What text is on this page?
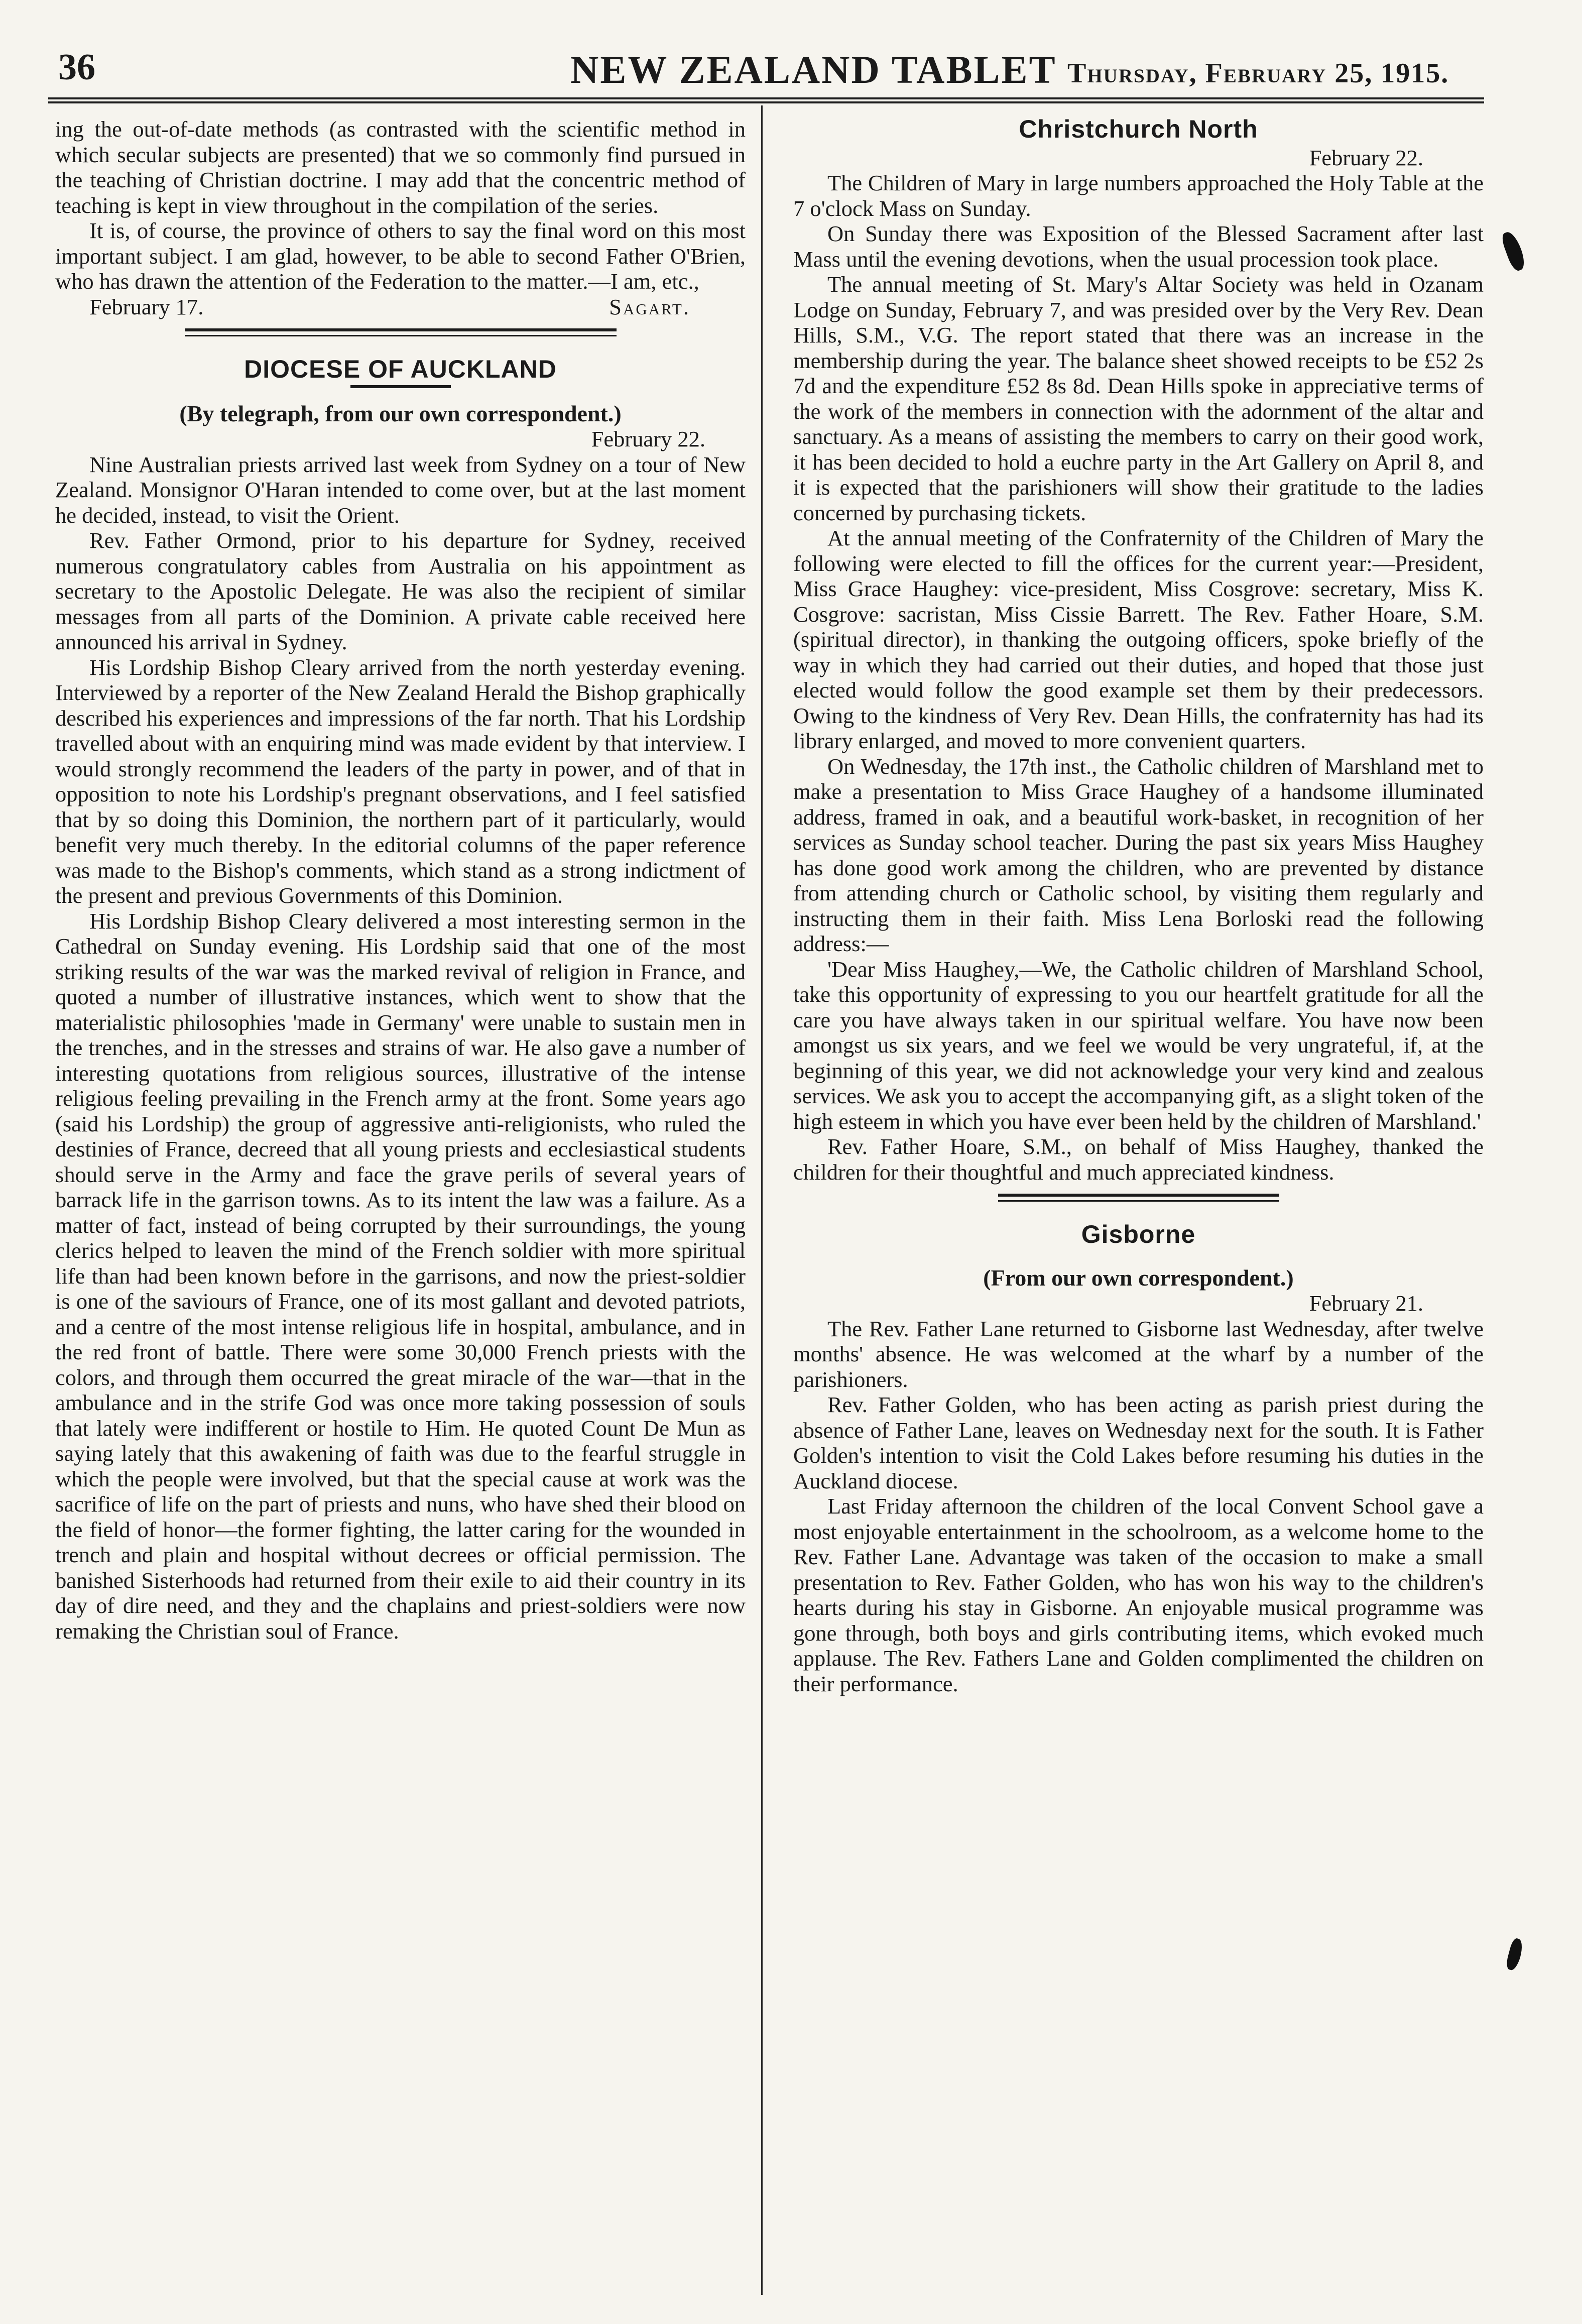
36	NEW ZEALAND TABLET Thursday, February 25, 1915.

ing the out-of-date methods (as contrasted with the scientific method in which secular subjects are presented) that we so commonly find pursued in the teaching of Christian doctrine. I may add that the concentric method of teaching is kept in view throughout in the compilation of the series.

It is, of course, the province of others to say the final word on this most important subject. I am glad, however, to be able to second Father O'Brien, who has drawn the attention of the Federation to the matter.—I am, etc.,

February 17.	Sagart.
DIOCESE OF AUCKLAND

(By telegraph, from our own correspondent.)

February 22.

Nine Australian priests arrived last week from Sydney on a tour of New Zealand. Monsignor O'Haran intended to come over, but at the last moment he decided, instead, to visit the Orient.

Rev. Father Ormond, prior to his departure for Sydney, received numerous congratulatory cables from Australia on his appointment as secretary to the Apostolic Delegate. He was also the recipient of similar messages from all parts of the Dominion. A private cable received here announced his arrival in Sydney.

His Lordship Bishop Cleary arrived from the north yesterday evening. Interviewed by a reporter of the New Zealand Herald the Bishop graphically described his experiences and impressions of the far north. That his Lordship travelled about with an enquiring mind was made evident by that interview. I would strongly recommend the leaders of the party in power, and of that in opposition to note his Lordship's pregnant observations, and I feel satisfied that by so doing this Dominion, the northern part of it particularly, would benefit very much thereby. In the editorial columns of the paper reference was made to the Bishop's comments, which stand as a strong indictment of the present and previous Governments of this Dominion.

His Lordship Bishop Cleary delivered a most interesting sermon in the Cathedral on Sunday evening. His Lordship said that one of the most striking results of the war was the marked revival of religion in France, and quoted a number of illustrative instances, which went to show that the materialistic philosophies 'made in Germany' were unable to sustain men in the trenches, and in the stresses and strains of war. He also gave a number of interesting quotations from religious sources, illustrative of the intense religious feeling prevailing in the French army at the front. Some years ago (said his Lordship) the group of aggressive anti-religionists, who ruled the destinies of France, decreed that all young priests and ecclesiastical students should serve in the Army and face the grave perils of several years of barrack life in the garrison towns. As to its intent the law was a failure. As a matter of fact, instead of being corrupted by their surroundings, the young clerics helped to leaven the mind of the French soldier with more spiritual life than had been known before in the garrisons, and now the priest-soldier is one of the saviours of France, one of its most gallant and devoted patriots, and a centre of the most intense religious life in hospital, ambulance, and in the red front of battle. There were some 30,000 French priests with the colors, and through them occurred the great miracle of the war—that in the ambulance and in the strife God was once more taking possession of souls that lately were indifferent or hostile to Him. He quoted Count De Mun as saying lately that this awakening of faith was due to the fearful struggle in which the people were involved, but that the special cause at work was the sacrifice of life on the part of priests and nuns, who have shed their blood on the field of honor—the former fighting, the latter caring for the wounded in trench and plain and hospital without decrees or official permission. The banished Sisterhoods had returned from their exile to aid their country in its day of dire need, and they and the chaplains and priest-soldiers were now remaking the Christian soul of France.

Christchurch North

February 22.

The Children of Mary in large numbers approached the Holy Table at the 7 o'clock Mass on Sunday.

On Sunday there was Exposition of the Blessed Sacrament after last Mass until the evening devotions, when the usual procession took place.

The annual meeting of St. Mary's Altar Society was held in Ozanam Lodge on Sunday, February 7, and was presided over by the Very Rev. Dean Hills, S.M., V.G. The report stated that there was an increase in the membership during the year. The balance sheet showed receipts to be £52 2s 7d and the expenditure £52 8s 8d. Dean Hills spoke in appreciative terms of the work of the members in connection with the adornment of the altar and sanctuary. As a means of assisting the members to carry on their good work, it has been decided to hold a euchre party in the Art Gallery on April 8, and it is expected that the parishioners will show their gratitude to the ladies concerned by purchasing tickets.

At the annual meeting of the Confraternity of the Children of Mary the following were elected to fill the offices for the current year:—President, Miss Grace Haughey: vice-president, Miss Cosgrove: secretary, Miss K. Cosgrove: sacristan, Miss Cissie Barrett. The Rev. Father Hoare, S.M. (spiritual director), in thanking the outgoing officers, spoke briefly of the way in which they had carried out their duties, and hoped that those just elected would follow the good example set them by their predecessors. Owing to the kindness of Very Rev. Dean Hills, the confraternity has had its library enlarged, and moved to more convenient quarters.

On Wednesday, the 17th inst., the Catholic children of Marshland met to make a presentation to Miss Grace Haughey of a handsome illuminated address, framed in oak, and a beautiful work-basket, in recognition of her services as Sunday school teacher. During the past six years Miss Haughey has done good work among the children, who are prevented by distance from attending church or Catholic school, by visiting them regularly and instructing them in their faith. Miss Lena Borloski read the following address:—

'Dear Miss Haughey,—We, the Catholic children of Marshland School, take this opportunity of expressing to you our heartfelt gratitude for all the care you have always taken in our spiritual welfare. You have now been amongst us six years, and we feel we would be very ungrateful, if, at the beginning of this year, we did not acknowledge your very kind and zealous services. We ask you to accept the accompanying gift, as a slight token of the high esteem in which you have ever been held by the children of Marshland.'

Rev. Father Hoare, S.M., on behalf of Miss Haughey, thanked the children for their thoughtful and much appreciated kindness.

Gisborne

(From our own correspondent.)

February 21.

The Rev. Father Lane returned to Gisborne last Wednesday, after twelve months' absence. He was welcomed at the wharf by a number of the parishioners.

Rev. Father Golden, who has been acting as parish priest during the absence of Father Lane, leaves on Wednesday next for the south. It is Father Golden's intention to visit the Cold Lakes before resuming his duties in the Auckland diocese.

Last Friday afternoon the children of the local Convent School gave a most enjoyable entertainment in the schoolroom, as a welcome home to the Rev. Father Lane. Advantage was taken of the occasion to make a small presentation to Rev. Father Golden, who has won his way to the children's hearts during his stay in Gisborne. An enjoyable musical programme was gone through, both boys and girls contributing items, which evoked much applause. The Rev. Fathers Lane and Golden complimented the children on their performance.
